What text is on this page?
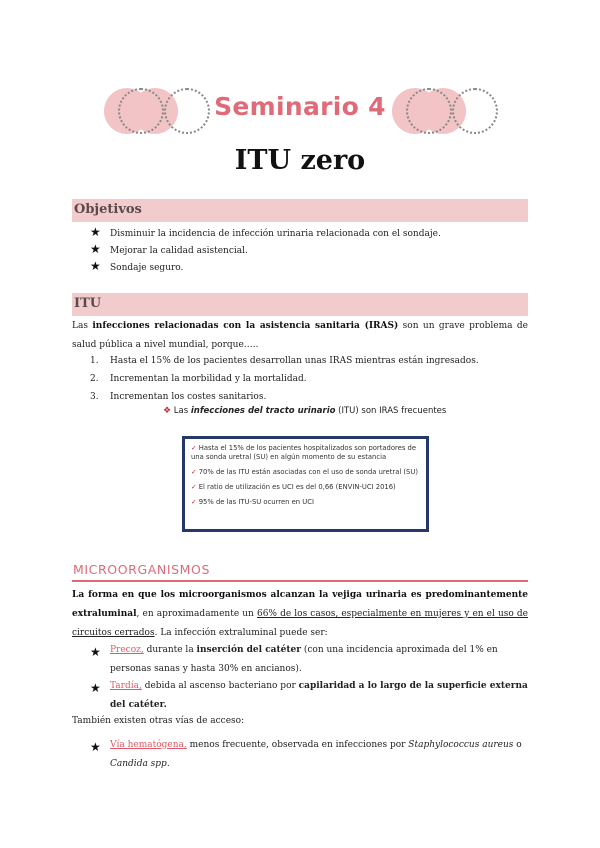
Seminario 4
ITU zero
Objetivos
★ Disminuir la incidencia de infección urinaria relacionada con el sondaje.
★ Mejorar la calidad asistencial.
★ Sondaje seguro.
ITU
Las infecciones relacionadas con la asistencia sanitaria (IRAS) son un grave problema de salud pública a nivel mundial, porque…..
1. Hasta el 15% de los pacientes desarrollan unas IRAS mientras están ingresados.
2. Incrementan la morbilidad y la mortalidad.
3. Incrementan los costes sanitarios.
❖ Las infecciones del tracto urinario (ITU) son IRAS frecuentes
✓ Hasta el 15% de los pacientes hospitalizados son portadores de una sonda uretral (SU) en algún momento de su estancia
✓ 70% de las ITU están asociadas con el uso de sonda uretral (SU)
✓ El ratio de utilización es UCI es del 0,66 (ENVIN-UCI 2016)
✓ 95% de las ITU-SU ocurren en UCI
MICROORGANISMOS
La forma en que los microorganismos alcanzan la vejiga urinaria es predominantemente extraluminal, en aproximadamente un 66% de los casos, especialmente en mujeres y en el uso de circuitos cerrados. La infección extraluminal puede ser:
★ Precoz, durante la inserción del catéter (con una incidencia aproximada del 1% en personas sanas y hasta 30% en ancianos).
★ Tardía, debida al ascenso bacteriano por capilaridad a lo largo de la superficie externa del catéter.
También existen otras vías de acceso:
★ Vía hematógena, menos frecuente, observada en infecciones por Staphylococcus aureus o Candida spp.
